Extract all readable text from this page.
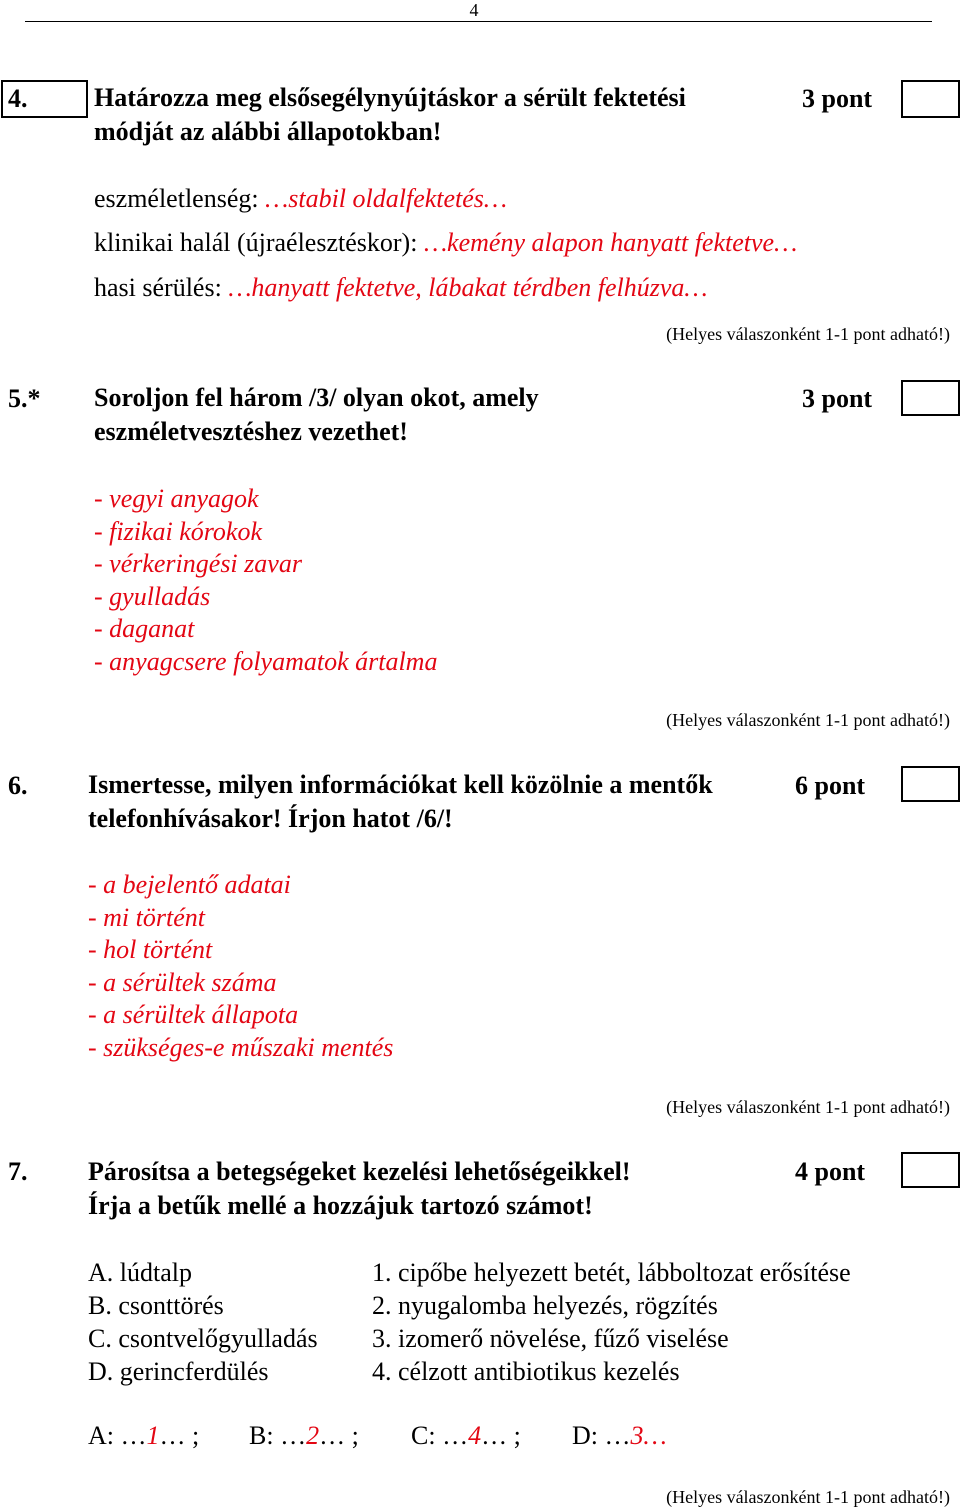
4
4.	Határozza meg elsősegélynyújtáskor a sérült fektetési
módját az alábbi állapotokban!
3 pont
eszméletlenség: …stabil oldalfektetés…
klinikai halál (újraélesztéskor): …kemény alapon hanyatt fektetve…
hasi sérülés: …hanyatt fektetve, lábakat térdben felhúzva…
(Helyes válaszonként 1-1 pont adható!)
5.* Soroljon fel három /3/ olyan okot, amely
eszméletvesztéshez vezethet!
3 pont
- vegyi anyagok
- fizikai kórokok
- vérkeringési zavar
- gyulladás
- daganat
- anyagcsere folyamatok ártalma
(Helyes válaszonként 1-1 pont adható!)
6. Ismertesse, milyen információkat kell közölnie a mentők
telefonhívásakor! Írjon hatot /6/!
6 pont
- a bejelentő adatai
- mi történt
- hol történt
- a sérültek száma
- a sérültek állapota
- szükséges-e műszaki mentés
(Helyes válaszonként 1-1 pont adható!)
7. Párosítsa a betegségeket kezelési lehetőségeikkel!
Írja a betűk mellé a hozzájuk tartozó számot!
4 pont
A. lúdtalp
B. csonttörés
C. csontvelőgyulladás
D. gerincferdülés
1. cipőbe helyezett betét, lábboltozat erősítése
2. nyugalomba helyezés, rögzítés
3. izomerő növelése, fűző viselése
4. célzott antibiotikus kezelés
A: …1… ; B: …2… ; C: …4… ; D: …3…
(Helyes válaszonként 1-1 pont adható!)
